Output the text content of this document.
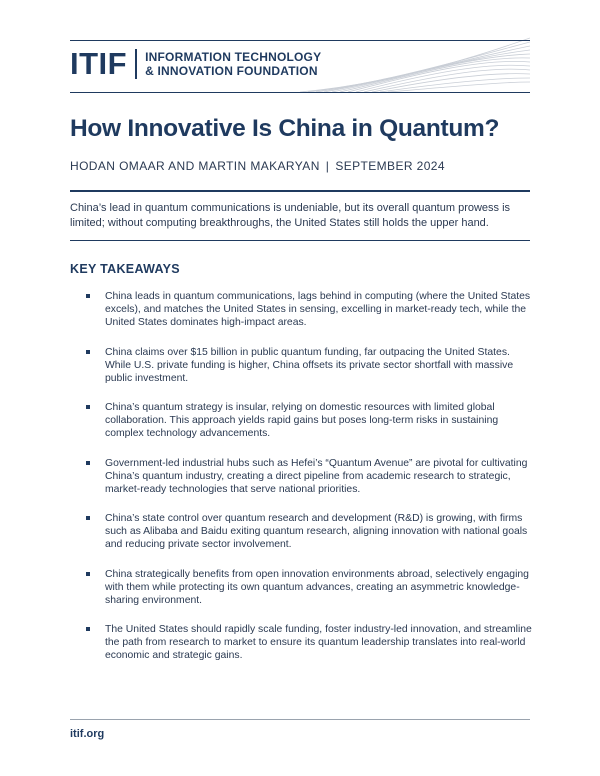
ITIF INFORMATION TECHNOLOGY
& INNOVATION FOUNDATION
How Innovative Is China in Quantum?
HODAN OMAAR AND MARTIN MAKARYAN | SEPTEMBER 2024

China’s lead in quantum communications is undeniable, but its overall quantum prowess is limited; without computing breakthroughs, the United States still holds the upper hand.

KEY TAKEAWAYS
China leads in quantum communications, lags behind in computing (where the United States excels), and matches the United States in sensing, excelling in market-ready tech, while the United States dominates high-impact areas.
China claims over $15 billion in public quantum funding, far outpacing the United States. While U.S. private funding is higher, China offsets its private sector shortfall with massive public investment.
China’s quantum strategy is insular, relying on domestic resources with limited global collaboration. This approach yields rapid gains but poses long-term risks in sustaining complex technology advancements.
Government-led industrial hubs such as Hefei’s “Quantum Avenue” are pivotal for cultivating China’s quantum industry, creating a direct pipeline from academic research to strategic, market-ready technologies that serve national priorities.
China’s state control over quantum research and development (R&D) is growing, with firms such as Alibaba and Baidu exiting quantum research, aligning innovation with national goals and reducing private sector involvement.
China strategically benefits from open innovation environments abroad, selectively engaging with them while protecting its own quantum advances, creating an asymmetric knowledge-sharing environment.
The United States should rapidly scale funding, foster industry-led innovation, and streamline the path from research to market to ensure its quantum leadership translates into real-world economic and strategic gains.
itif.org
